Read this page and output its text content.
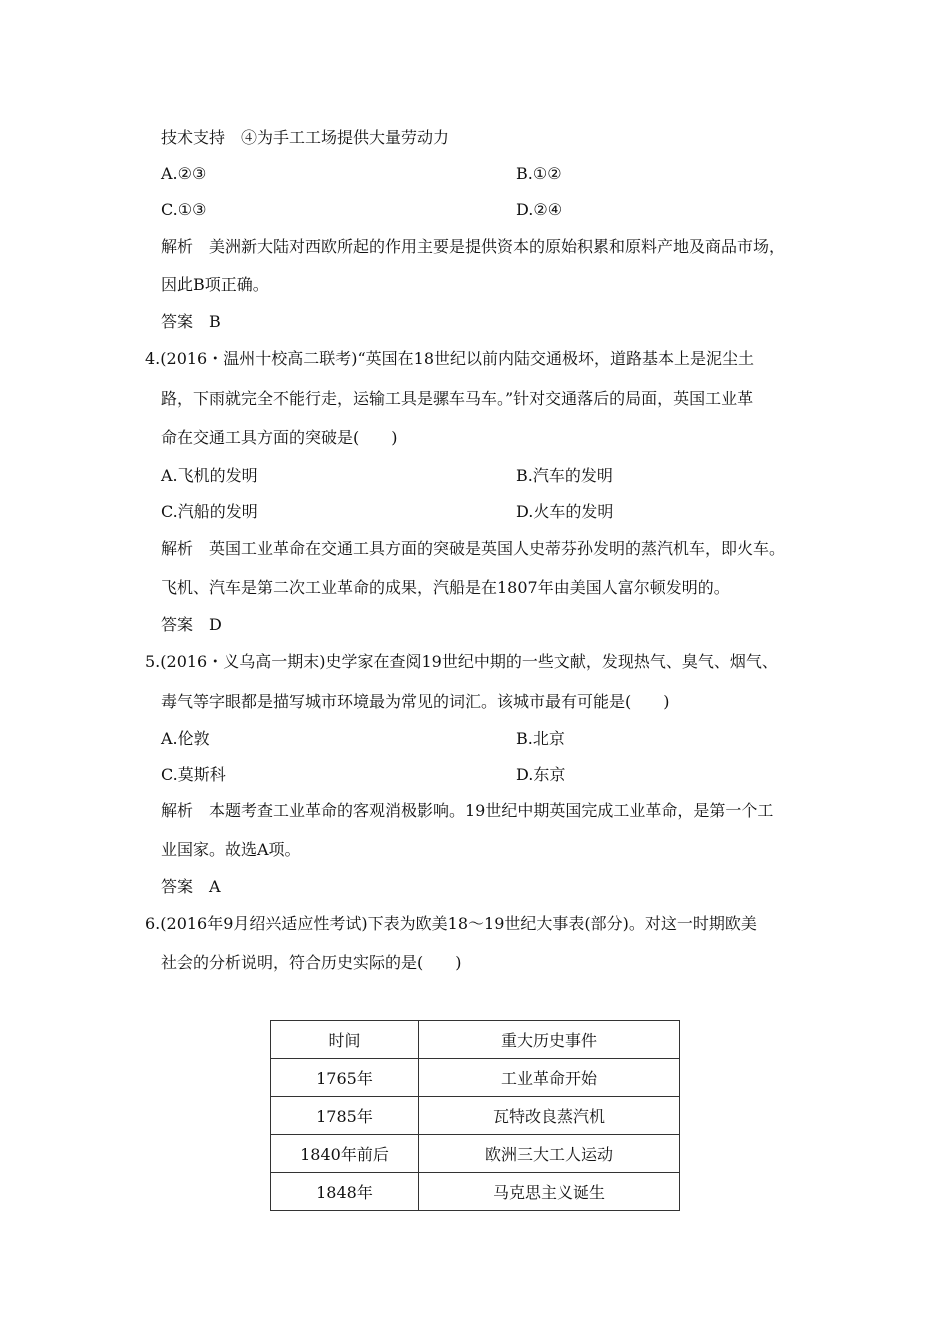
技术支持　④为手工工场提供大量劳动力
A.②③	B.①②
C.①③	D.②④
解析　美洲新大陆对西欧所起的作用主要是提供资本的原始积累和原料产地及商品市场，
因此B项正确。
答案　B
4.(2016・温州十校高二联考)“英国在18世纪以前内陆交通极坏，道路基本上是泥尘土
路，下雨就完全不能行走，运输工具是骡车马车。”针对交通落后的局面，英国工业革
命在交通工具方面的突破是(　　)
A.飞机的发明	B.汽车的发明
C.汽船的发明	D.火车的发明
解析　英国工业革命在交通工具方面的突破是英国人史蒂芬孙发明的蒸汽机车，即火车。
飞机、汽车是第二次工业革命的成果，汽船是在1807年由美国人富尔顿发明的。
答案　D
5.(2016・义乌高一期末)史学家在查阅19世纪中期的一些文献，发现热气、臭气、烟气、
毒气等字眼都是描写城市环境最为常见的词汇。该城市最有可能是(　　)
A.伦敦	B.北京
C.莫斯科	D.东京
解析　本题考查工业革命的客观消极影响。19世纪中期英国完成工业革命，是第一个工
业国家。故选A项。
答案　A
6.(2016年9月绍兴适应性考试)下表为欧美18～19世纪大事表(部分)。对这一时期欧美
社会的分析说明，符合历史实际的是(　　)
时间	重大历史事件
1765年	工业革命开始
1785年	瓦特改良蒸汽机
1840年前后	欧洲三大工人运动
1848年	马克思主义诞生
